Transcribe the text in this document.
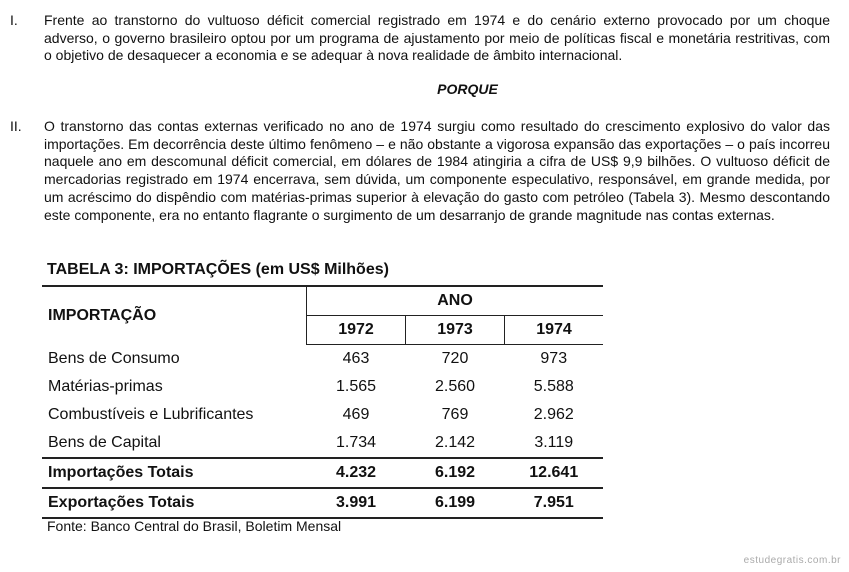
I. Frente ao transtorno do vultuoso déficit comercial registrado em 1974 e do cenário externo provocado por um choque adverso, o governo brasileiro optou por um programa de ajustamento por meio de políticas fiscal e monetária restritivas, com o objetivo de desaquecer a economia e se adequar à nova realidade de âmbito internacional.
PORQUE
II. O transtorno das contas externas verificado no ano de 1974 surgiu como resultado do crescimento explosivo do valor das importações. Em decorrência deste último fenômeno – e não obstante a vigorosa expansão das exportações – o país incorreu naquele ano em descomunal déficit comercial, em dólares de 1984 atingiria a cifra de US$ 9,9 bilhões. O vultuoso déficit de mercadorias registrado em 1974 encerrava, sem dúvida, um componente especulativo, responsável, em grande medida, por um acréscimo do dispêndio com matérias-primas superior à elevação do gasto com petróleo (Tabela 3). Mesmo descontando este componente, era no entanto flagrante o surgimento de um desarranjo de grande magnitude nas contas externas.
TABELA 3: IMPORTAÇÕES (em US$ Milhões)
IMPORTAÇÃO	ANO		
	1972	1973	1974
Bens de Consumo	463	720	973
Matérias-primas	1.565	2.560	5.588
Combustíveis e Lubrificantes	469	769	2.962
Bens de Capital	1.734	2.142	3.119
Importações Totais	4.232	6.192	12.641
Exportações Totais	3.991	6.199	7.951
Fonte: Banco Central do Brasil, Boletim Mensal
estudegratis.com.br
